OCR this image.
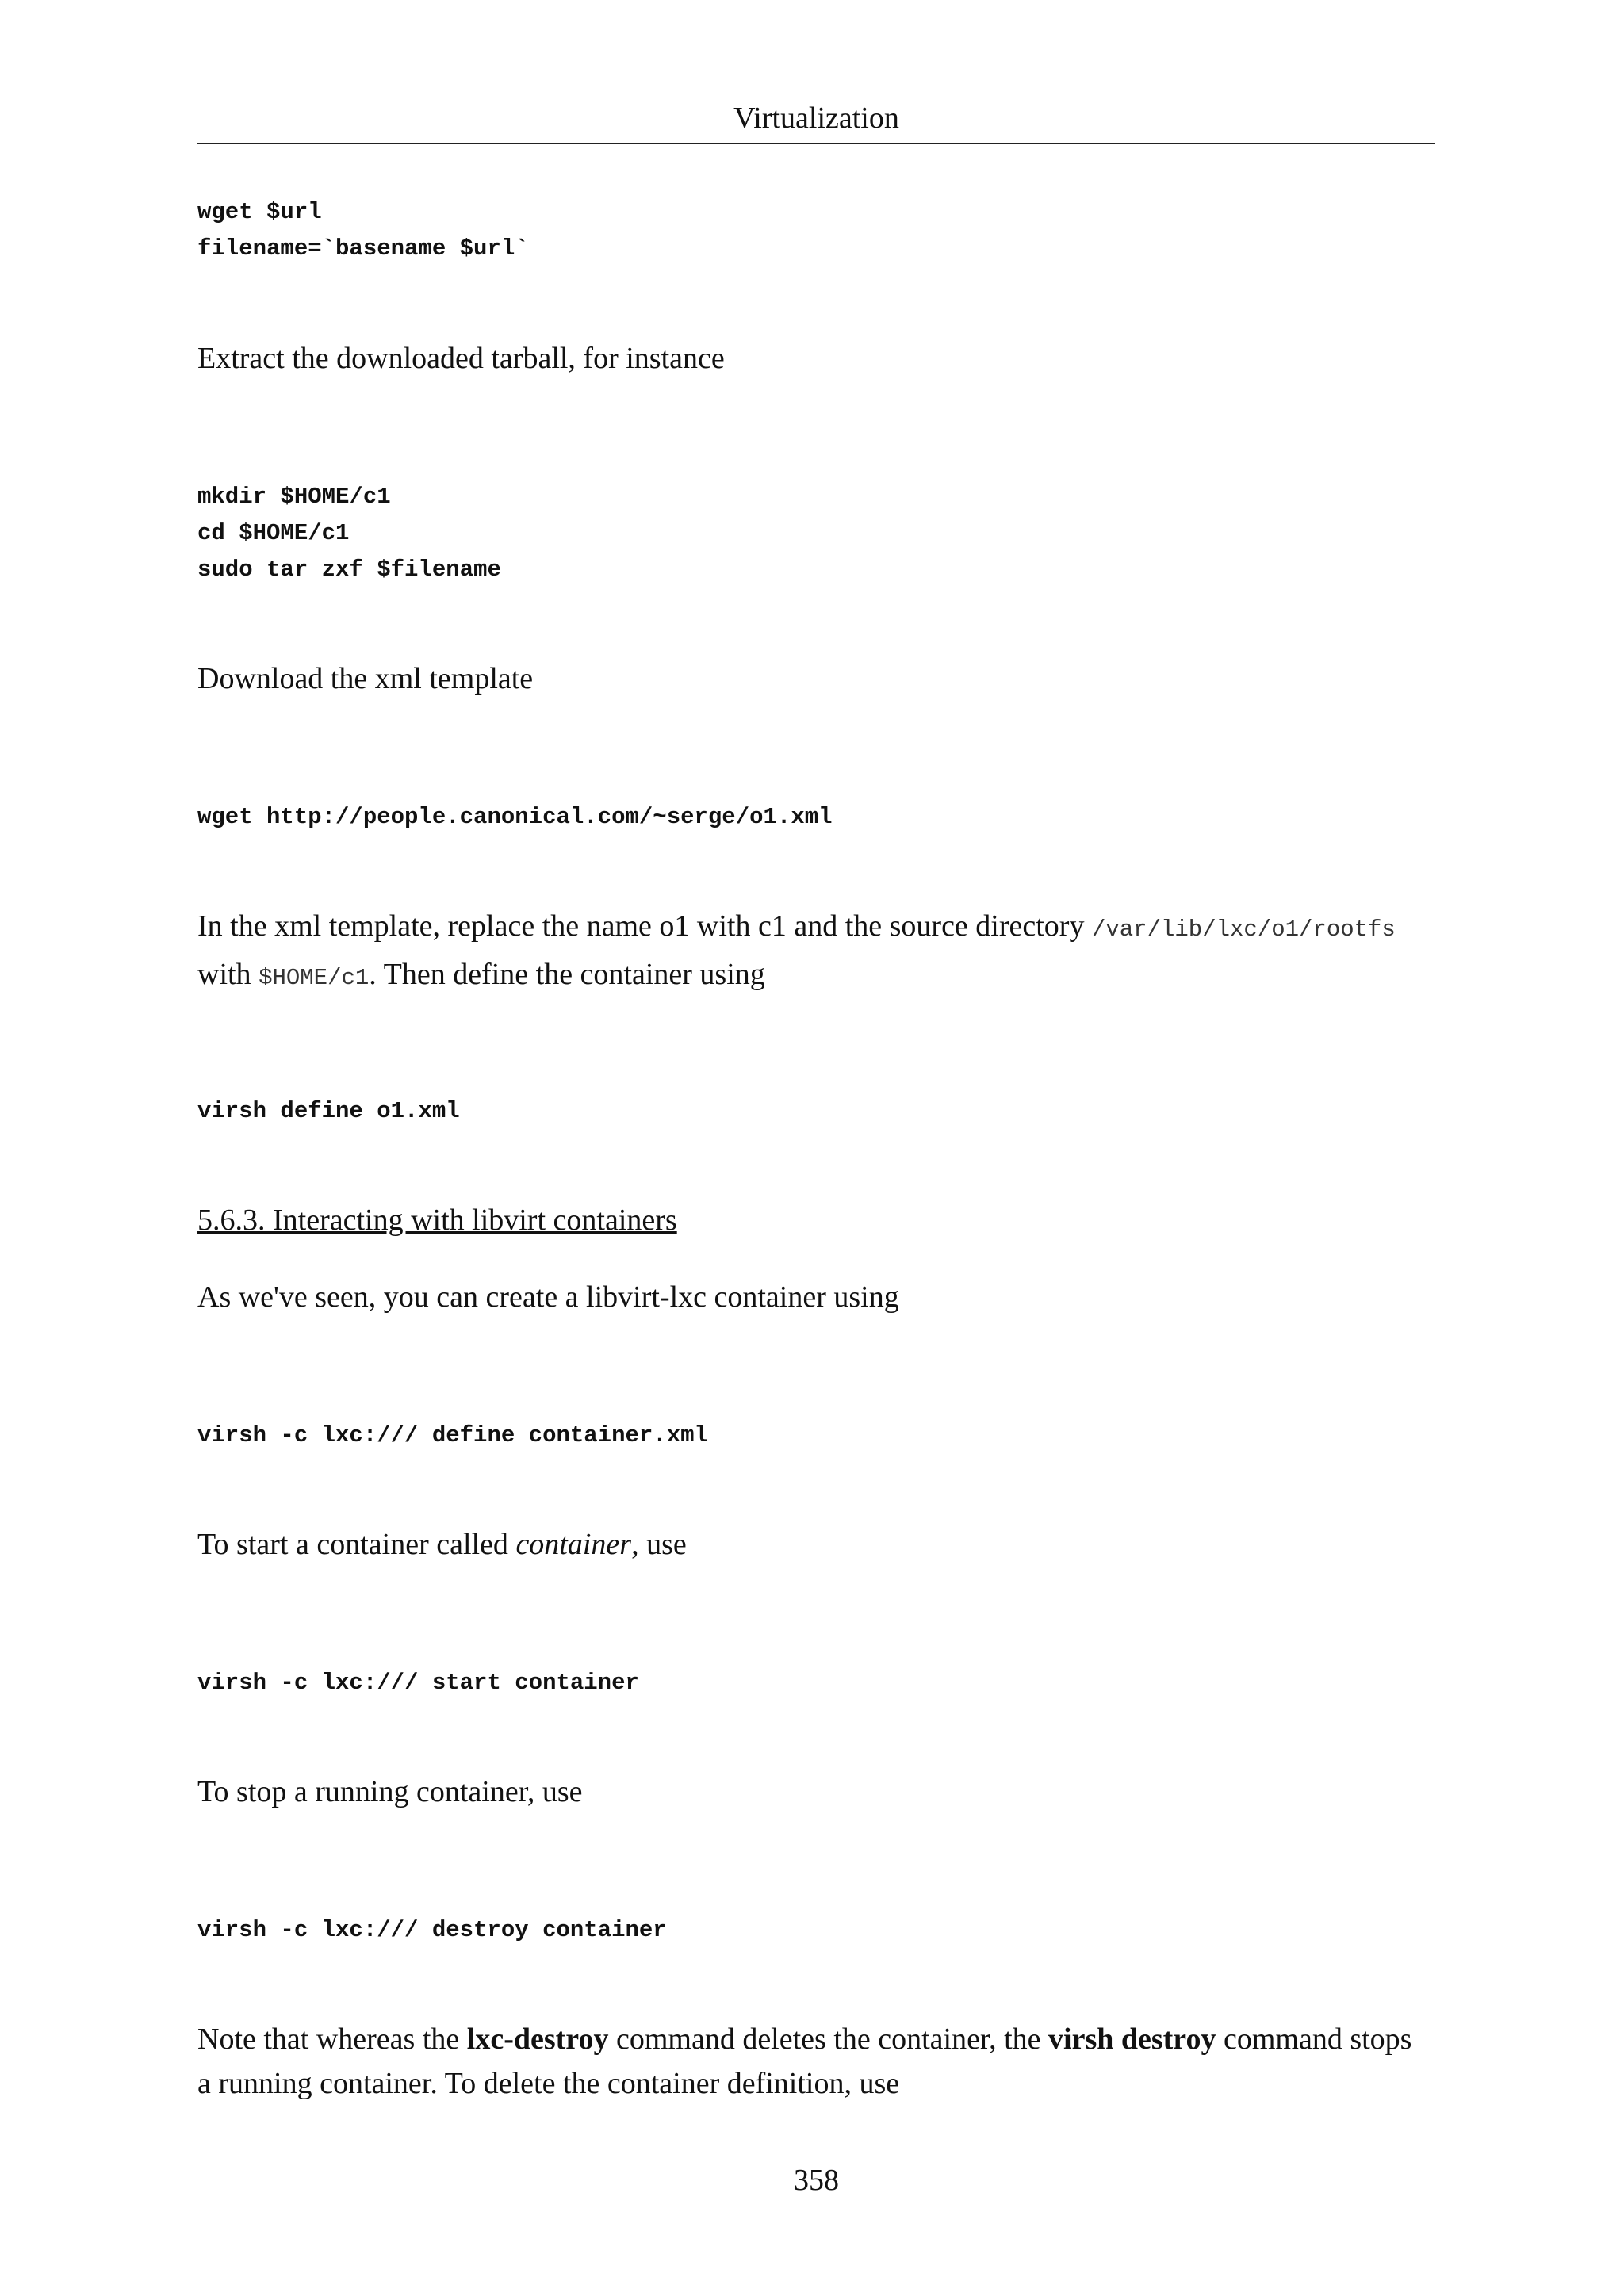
Virtualization
wget $url
filename=`basename $url`

Extract the downloaded tarball, for instance

mkdir $HOME/c1
cd $HOME/c1
sudo tar zxf $filename

Download the xml template

wget http://people.canonical.com/~serge/o1.xml

In the xml template, replace the name o1 with c1 and the source directory /var/lib/lxc/o1/rootfs
with $HOME/c1. Then define the container using

virsh define o1.xml

5.6.3. Interacting with libvirt containers

As we've seen, you can create a libvirt-lxc container using

virsh -c lxc:/// define container.xml

To start a container called container, use

virsh -c lxc:/// start container

To stop a running container, use

virsh -c lxc:/// destroy container

Note that whereas the lxc-destroy command deletes the container, the virsh destroy command stops
a running container. To delete the container definition, use

358
